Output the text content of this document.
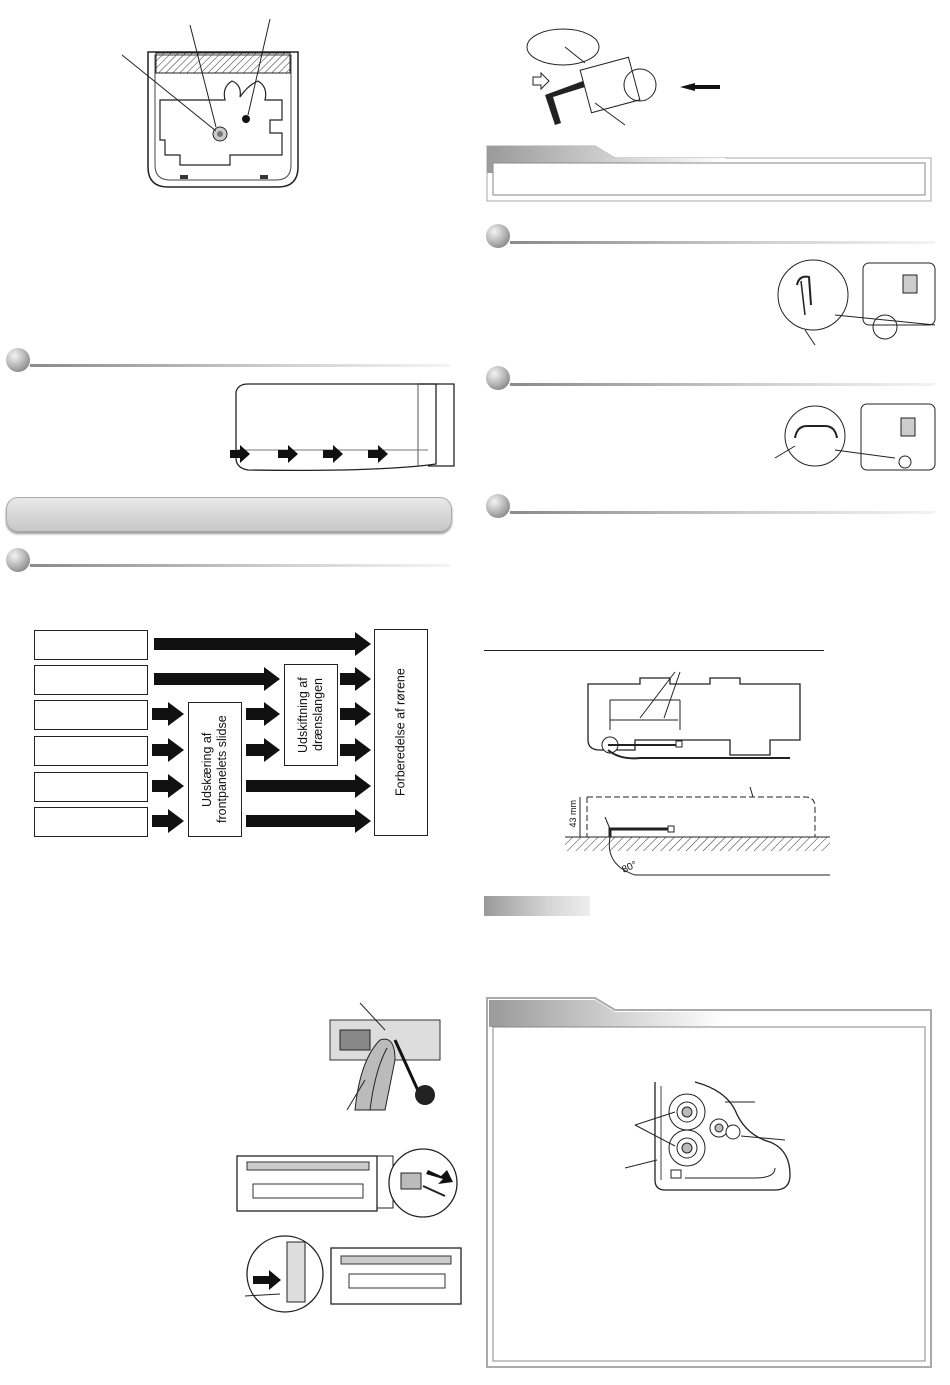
Udskæring af
frontpanelets slidse
Udskiftning af
drænslangen	Forberedelse af rørene
43 mm
80°
